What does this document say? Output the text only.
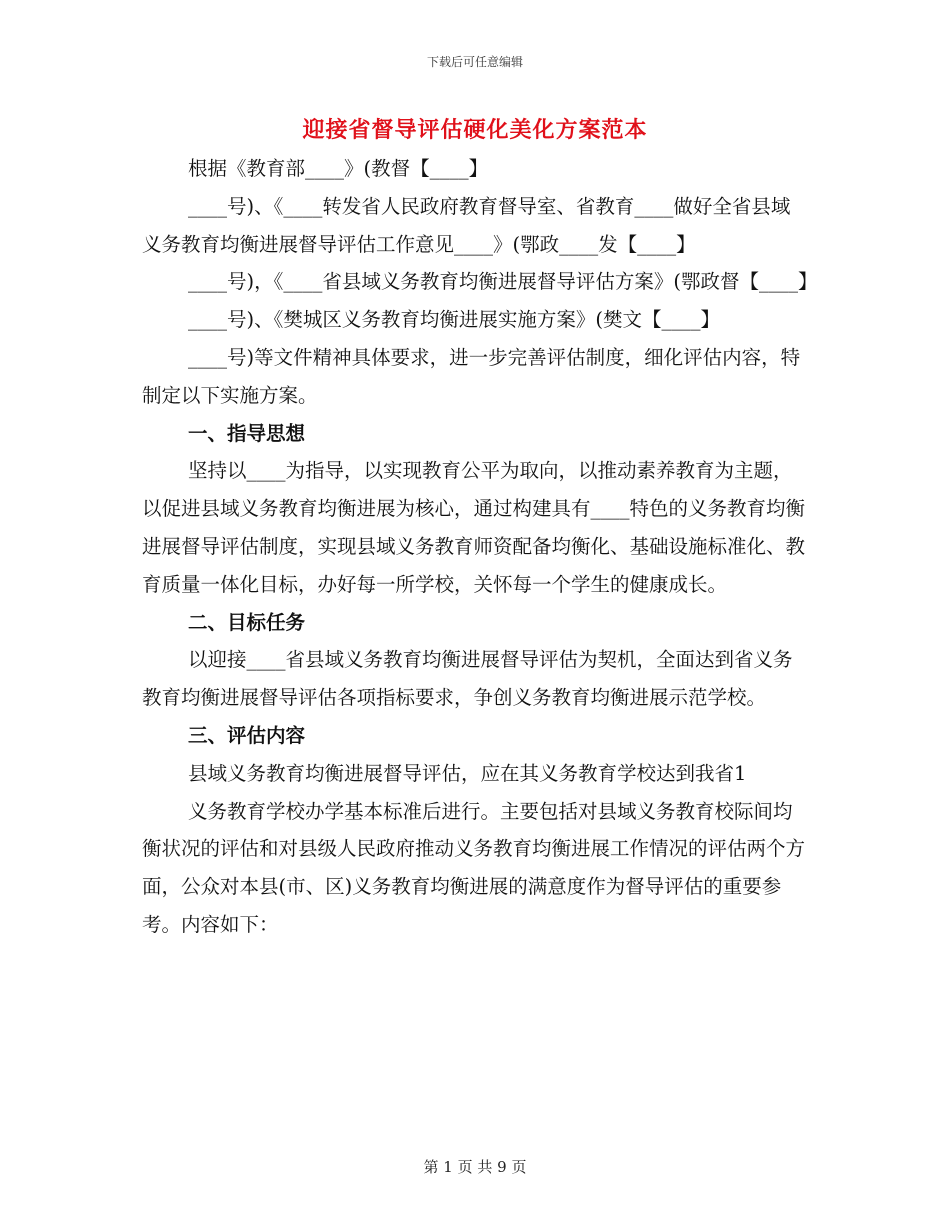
下载后可任意编辑
迎接省督导评估硬化美化方案范本

根据《教育部____》(教督【____】

____号)、《____转发省人民政府教育督导室、省教育____做好全省县域义务教育均衡进展督导评估工作意见____》(鄂政____发【____】

____号)，《____省县域义务教育均衡进展督导评估方案》(鄂政督【____】

____号)、《樊城区义务教育均衡进展实施方案》(樊文【____】

____号)等文件精神具体要求，进一步完善评估制度，细化评估内容，特制定以下实施方案。

一、指导思想

坚持以____为指导，以实现教育公平为取向，以推动素养教育为主题，以促进县域义务教育均衡进展为核心，通过构建具有____特色的义务教育均衡进展督导评估制度，实现县域义务教育师资配备均衡化、基础设施标准化、教育质量一体化目标，办好每一所学校，关怀每一个学生的健康成长。

二、目标任务

以迎接____省县域义务教育均衡进展督导评估为契机，全面达到省义务教育均衡进展督导评估各项指标要求，争创义务教育均衡进展示范学校。

三、评估内容

县域义务教育均衡进展督导评估，应在其义务教育学校达到我省1

义务教育学校办学基本标准后进行。主要包括对县域义务教育校际间均衡状况的评估和对县级人民政府推动义务教育均衡进展工作情况的评估两个方面，公众对本县(市、区)义务教育均衡进展的满意度作为督导评估的重要参考。内容如下：

第 1 页 共 9 页
